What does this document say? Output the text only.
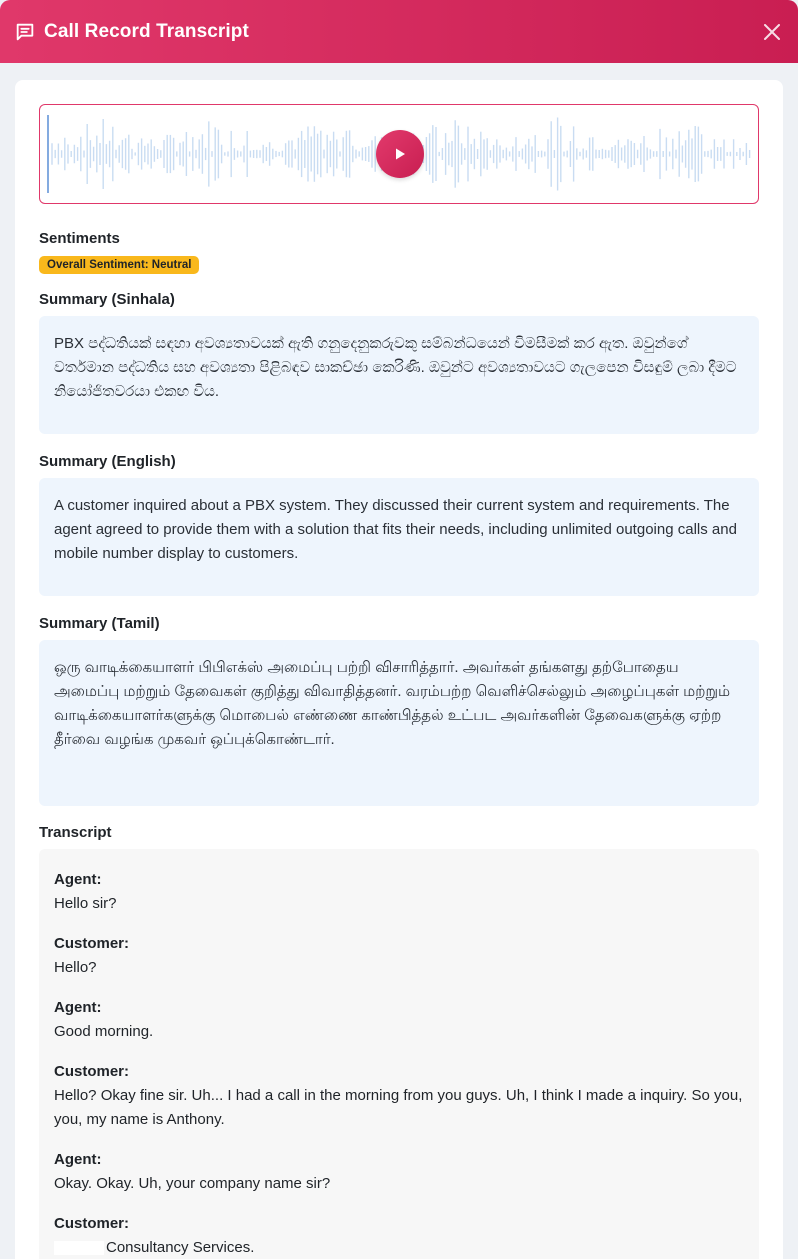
Call Record Transcript
Sentiments
Overall Sentiment: Neutral
Summary (Sinhala)
PBX පද්ධතියක් සඳහා අවශ්‍යතාවයක් ඇති ගනුදෙනුකරුවකු සම්බන්ධයෙන් විමසීමක් කර ඇත. ඔවුන්ගේ වර්තමාන පද්ධතිය සහ අවශ්‍යතා පිළිබඳව සාකච්ඡා කෙරිණි. ඔවුන්ට අවශ්‍යතාවයට ගැලපෙන විසඳුම් ලබා දීමට නියෝජිතවරයා එකඟ විය.
Summary (English)
A customer inquired about a PBX system. They discussed their current system and requirements. The agent agreed to provide them with a solution that fits their needs, including unlimited outgoing calls and mobile number display to customers.
Summary (Tamil)
ஒரு வாடிக்கையாளர் பிபிஎக்ஸ் அமைப்பு பற்றி விசாரித்தார். அவர்கள் தங்களது தற்போதைய அமைப்பு மற்றும் தேவைகள் குறித்து விவாதித்தனர். வரம்பற்ற வெளிச்செல்லும் அழைப்புகள் மற்றும் வாடிக்கையாளர்களுக்கு மொபைல் எண்ணை காண்பித்தல் உட்பட அவர்களின் தேவைகளுக்கு ஏற்ற தீர்வை வழங்க முகவர் ஒப்புக்கொண்டார்.
Transcript
Agent:
Hello sir?
Customer:
Hello?
Agent:
Good morning.
Customer:
Hello? Okay fine sir. Uh... I had a call in the morning from you guys. Uh, I think I made a inquiry. So you, you, my name is Anthony.
Agent:
Okay. Okay. Uh, your company name sir?
Customer:
Consultancy Services.
